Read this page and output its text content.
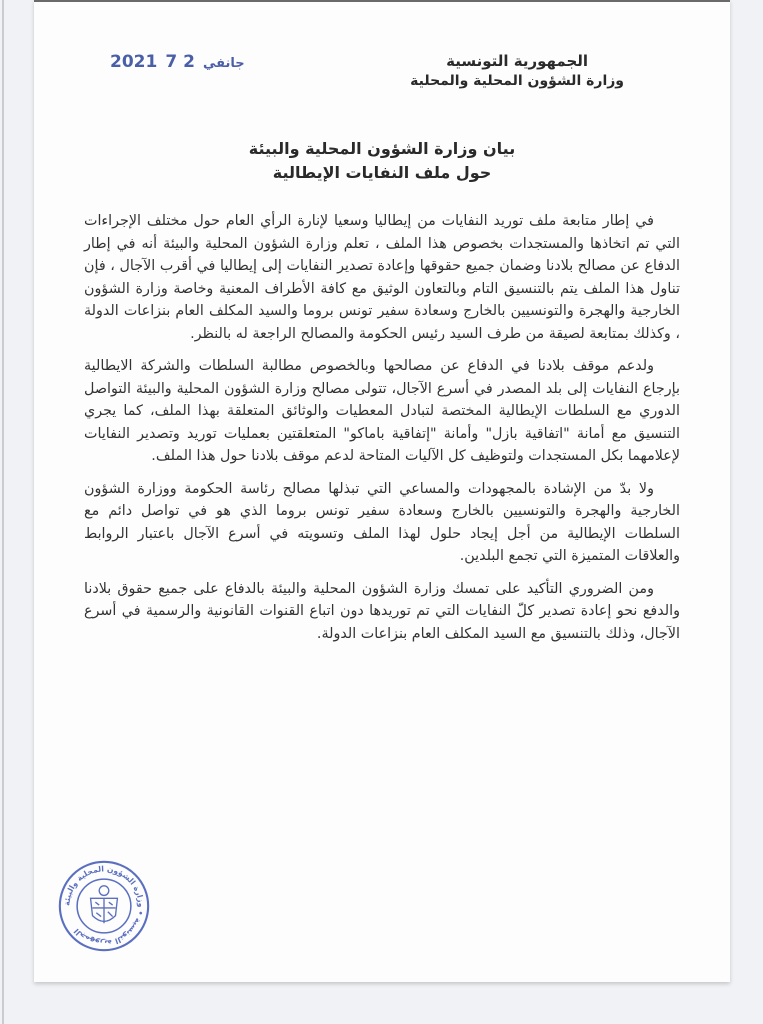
2021	جانفي2 7	الجمهورية التونسية
وزارة الشؤون المحلية والمحلية
بيان وزارة الشؤون المحلية والبيئة
حول ملف النفايات الإيطالية

في إطار متابعة ملف توريد النفايات من إيطاليا وسعيا لإنارة الرأي العام حول مختلف الإجراءات التي تم اتخاذها والمستجدات بخصوص هذا الملف ، تعلم وزارة الشؤون المحلية والبيئة أنه في إطار الدفاع عن مصالح بلادنا وضمان جميع حقوقها وإعادة تصدير النفايات إلى إيطاليا في أقرب الآجال ، فإن تناول هذا الملف يتم بالتنسيق التام وبالتعاون الوثيق مع كافة الأطراف المعنية وخاصة وزارة الشؤون الخارجية والهجرة والتونسيين بالخارج وسعادة سفير تونس بروما والسيد المكلف العام بنزاعات الدولة ، وكذلك بمتابعة لصيقة من طرف السيد رئيس الحكومة والمصالح الراجعة له بالنظر.

ولدعم موقف بلادنا في الدفاع عن مصالحها وبالخصوص مطالبة السلطات والشركة الايطالية بإرجاع النفايات إلى بلد المصدر في أسرع الآجال، تتولى مصالح وزارة الشؤون المحلية والبيئة التواصل الدوري مع السلطات الإيطالية المختصة لتبادل المعطيات والوثائق المتعلقة بهذا الملف، كما يجري التنسيق مع أمانة "اتفاقية بازل" وأمانة "إتفاقية باماكو" المتعلقتين بعمليات توريد وتصدير النفايات لإعلامهما بكل المستجدات ولتوظيف كل الآليات المتاحة لدعم موقف بلادنا حول هذا الملف.

ولا بدّ من الإشادة بالمجهودات والمساعي التي تبذلها مصالح رئاسة الحكومة ووزارة الشؤون الخارجية والهجرة والتونسيين بالخارج وسعادة سفير تونس بروما الذي هو في تواصل دائم مع السلطات الإيطالية من أجل إيجاد حلول لهذا الملف وتسويته في أسرع الآجال باعتبار الروابط والعلاقات المتميزة التي تجمع البلدين.

ومن الضروري التأكيد على تمسك وزارة الشؤون المحلية والبيئة بالدفاع على جميع حقوق بلادنا والدفع نحو إعادة تصدير كلّ النفايات التي تم توريدها دون اتباع القنوات القانونية والرسمية في أسرع الآجال، وذلك بالتنسيق مع السيد المكلف العام بنزاعات الدولة.

الجمهورية التونسية • وزارة الشؤون المحلية والبيئة
